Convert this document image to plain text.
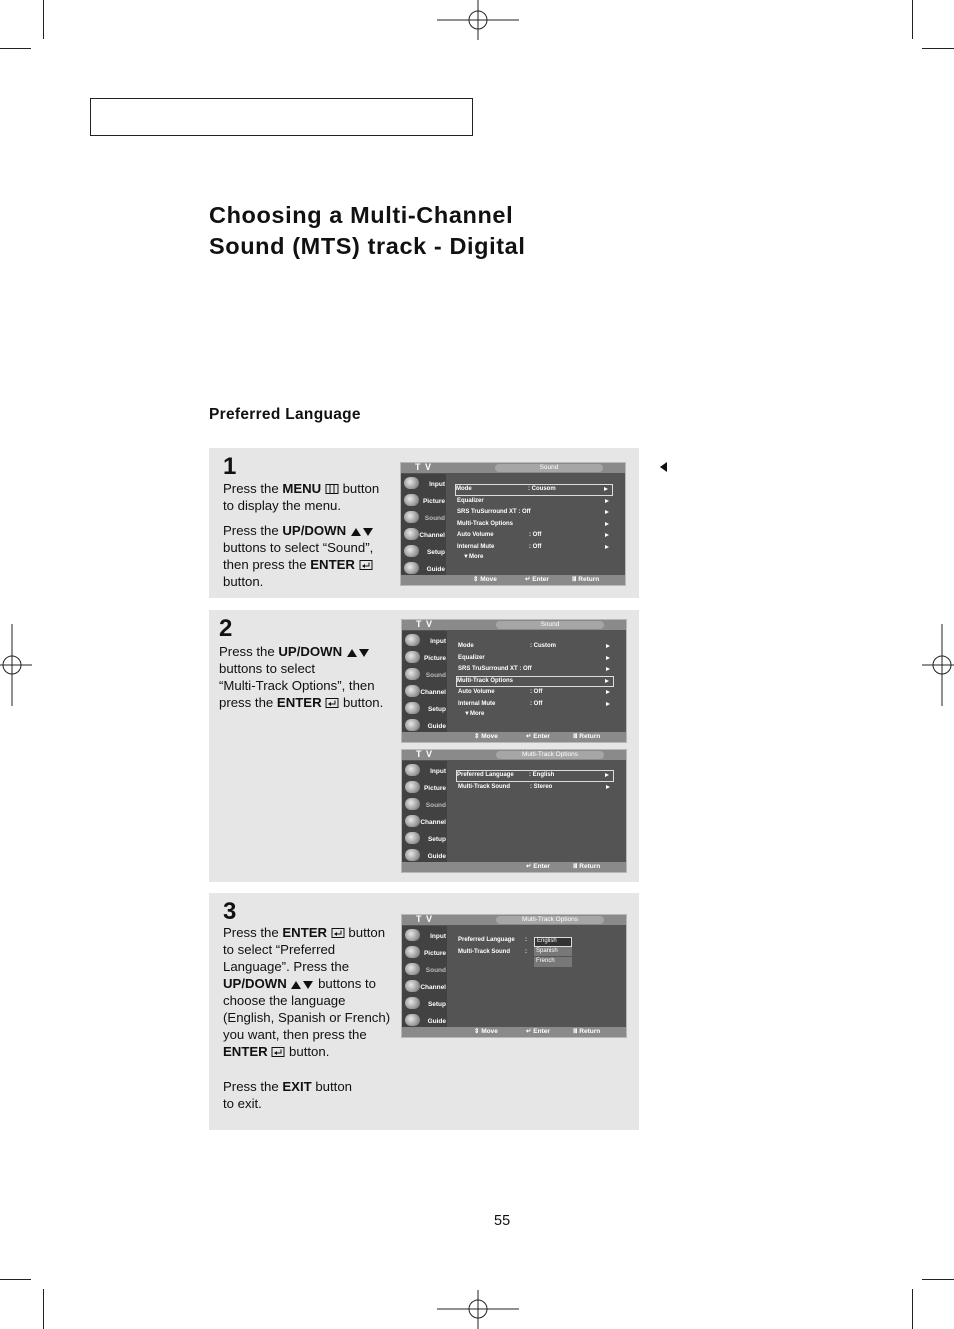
Choosing a Multi-Channel
Sound (MTS) track - Digital
Preferred Language
1

Press the MENU  button
to display the menu.

Press the UP/DOWN
buttons to select “Sound”,
then press the ENTER
button.

T V	Sound
Input
Picture
Sound
Channel
Setup
Guide
Mode	: Cousom
Equalizer
SRS TruSurround XT : Off
Multi-Track Options
Auto Volume	: Off
Internal Mute	: Off
▼More
⇕ Move	↵ Enter	Ⅲ Return
2

Press the UP/DOWN
buttons to select
“Multi-Track Options”, then
press the ENTER  button.

T V	Sound
Input
Picture
Sound
Channel
Setup
Guide
Mode	: Custom
Equalizer
SRS TruSurround XT : Off
Multi-Track Options
Auto Volume	: Off
Internal Mute	: Off
▼More
⇕ Move	↵ Enter	Ⅲ Return
T V	Multi-Track Options
Input
Picture
Sound
Channel
Setup
Guide
Preferred Language	: English
Multi-Track Sound	: Stereo
↵ Enter	Ⅲ Return
3

Press the ENTER  button
to select “Preferred
Language”. Press the
UP/DOWN  buttons to
choose the language
(English, Spanish or French)
you want, then press the
ENTER  button.

Press the EXIT button
to exit.

T V	Multi-Track Options
Input
Picture
Sound
Channel
Setup
Guide
Preferred Language :
Multi-Track Sound :
English
Spanish
French
⇕ Move	↵ Enter	Ⅲ Return
55
